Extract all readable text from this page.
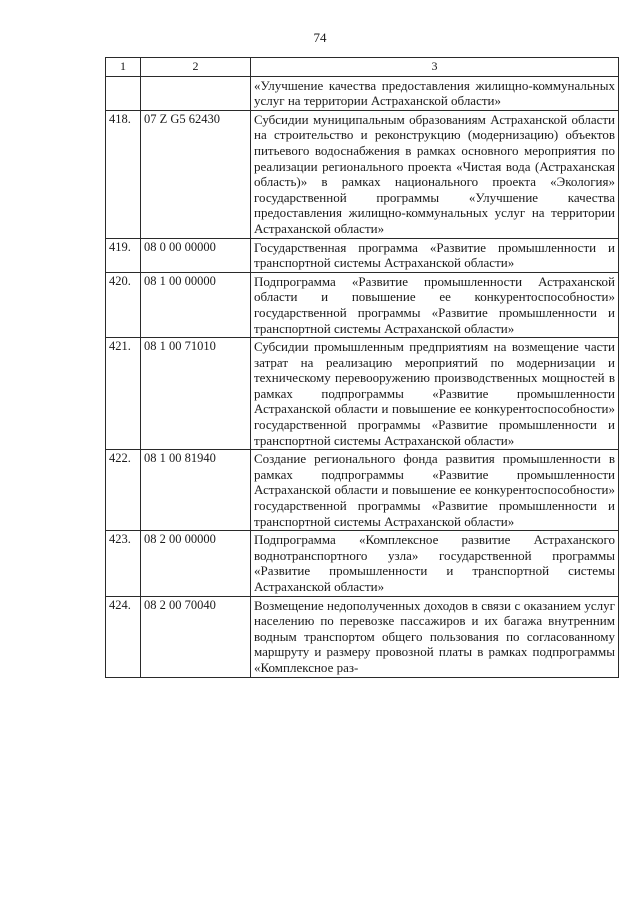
74
1	2	3
		«Улучшение качества предоставления жилищно-коммунальных услуг на территории Астраханской области»
418.	07 Z G5 62430	Субсидии муниципальным образованиям Астраханской области на строительство и реконструкцию (модернизацию) объектов питьевого водоснабжения в рамках основного мероприятия по реализации регионального проекта «Чистая вода (Астраханская область)» в рамках национального проекта «Экология» государственной программы «Улучшение качества предоставления жилищно-коммунальных услуг на территории Астраханской области»
419.	08 0 00 00000	Государственная программа «Развитие промышленности и транспортной системы Астраханской области»
420.	08 1 00 00000	Подпрограмма «Развитие промышленности Астраханской области и повышение ее конкурентоспособности» государственной программы «Развитие промышленности и транспортной системы Астраханской области»
421.	08 1 00 71010	Субсидии промышленным предприятиям на возмещение части затрат на реализацию мероприятий по модернизации и техническому перевооружению производственных мощностей в рамках подпрограммы «Развитие промышленности Астраханской области и повышение ее конкурентоспособности» государственной программы «Развитие промышленности и транспортной системы Астраханской области»
422.	08 1 00 81940	Создание регионального фонда развития промышленности в рамках подпрограммы «Развитие промышленности Астраханской области и повышение ее конкурентоспособности» государственной программы «Развитие промышленности и транспортной системы Астраханской области»
423.	08 2 00 00000	Подпрограмма «Комплексное развитие Астраханского воднотранспортного узла» государственной программы «Развитие промышленности и транспортной системы Астраханской области»
424.	08 2 00 70040	Возмещение недополученных доходов в связи с оказанием услуг населению по перевозке пассажиров и их багажа внутренним водным транспортом общего пользования по согласованному маршруту и размеру провозной платы в рамках подпрограммы «Комплексное раз-
